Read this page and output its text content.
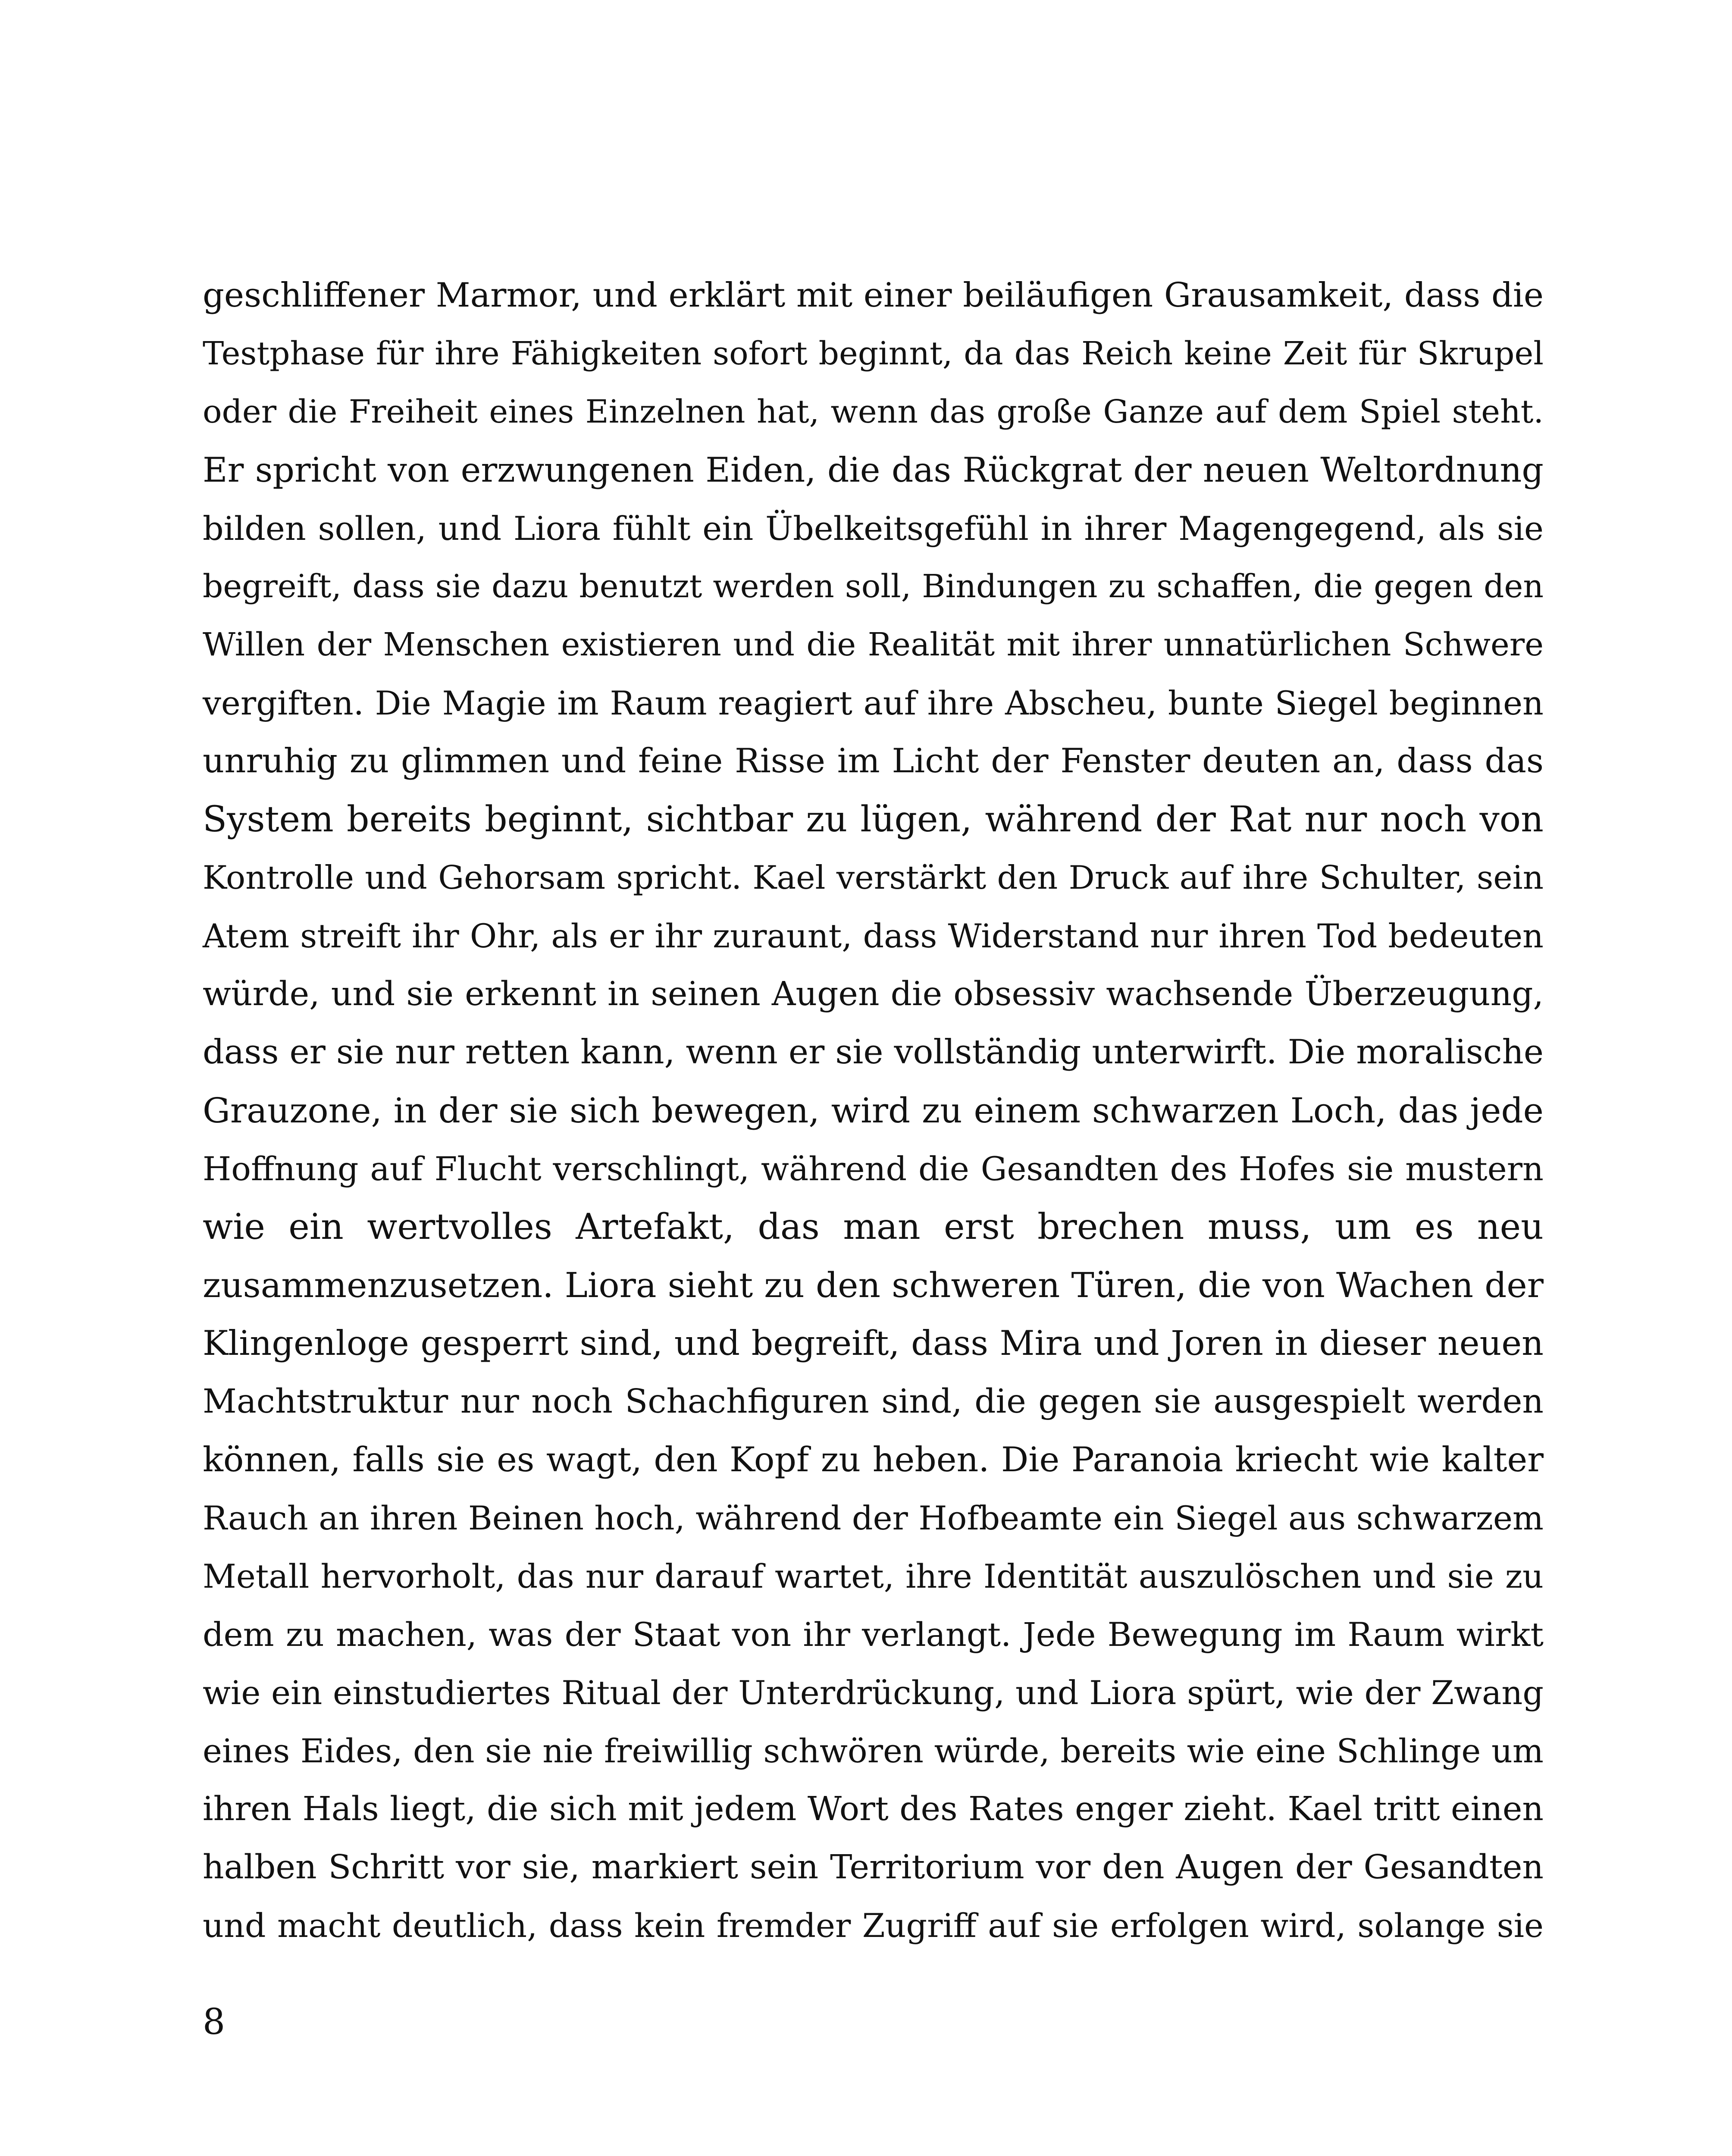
geschliffener Marmor, und erklärt mit einer beiläufigen Grausamkeit, dass die
Testphase für ihre Fähigkeiten sofort beginnt, da das Reich keine Zeit für Skrupel
oder die Freiheit eines Einzelnen hat, wenn das große Ganze auf dem Spiel steht.
Er spricht von erzwungenen Eiden, die das Rückgrat der neuen Weltordnung
bilden sollen, und Liora fühlt ein Übelkeitsgefühl in ihrer Magengegend, als sie
begreift, dass sie dazu benutzt werden soll, Bindungen zu schaffen, die gegen den
Willen der Menschen existieren und die Realität mit ihrer unnatürlichen Schwere
vergiften. Die Magie im Raum reagiert auf ihre Abscheu, bunte Siegel beginnen
unruhig zu glimmen und feine Risse im Licht der Fenster deuten an, dass das
System bereits beginnt, sichtbar zu lügen, während der Rat nur noch von
Kontrolle und Gehorsam spricht. Kael verstärkt den Druck auf ihre Schulter, sein
Atem streift ihr Ohr, als er ihr zuraunt, dass Widerstand nur ihren Tod bedeuten
würde, und sie erkennt in seinen Augen die obsessiv wachsende Überzeugung,
dass er sie nur retten kann, wenn er sie vollständig unterwirft. Die moralische
Grauzone, in der sie sich bewegen, wird zu einem schwarzen Loch, das jede
Hoffnung auf Flucht verschlingt, während die Gesandten des Hofes sie mustern
wie ein wertvolles Artefakt, das man erst brechen muss, um es neu
zusammenzusetzen. Liora sieht zu den schweren Türen, die von Wachen der
Klingenloge gesperrt sind, und begreift, dass Mira und Joren in dieser neuen
Machtstruktur nur noch Schachfiguren sind, die gegen sie ausgespielt werden
können, falls sie es wagt, den Kopf zu heben. Die Paranoia kriecht wie kalter
Rauch an ihren Beinen hoch, während der Hofbeamte ein Siegel aus schwarzem
Metall hervorholt, das nur darauf wartet, ihre Identität auszulöschen und sie zu
dem zu machen, was der Staat von ihr verlangt. Jede Bewegung im Raum wirkt
wie ein einstudiertes Ritual der Unterdrückung, und Liora spürt, wie der Zwang
eines Eides, den sie nie freiwillig schwören würde, bereits wie eine Schlinge um
ihren Hals liegt, die sich mit jedem Wort des Rates enger zieht. Kael tritt einen
halben Schritt vor sie, markiert sein Territorium vor den Augen der Gesandten
und macht deutlich, dass kein fremder Zugriff auf sie erfolgen wird, solange sie
8
